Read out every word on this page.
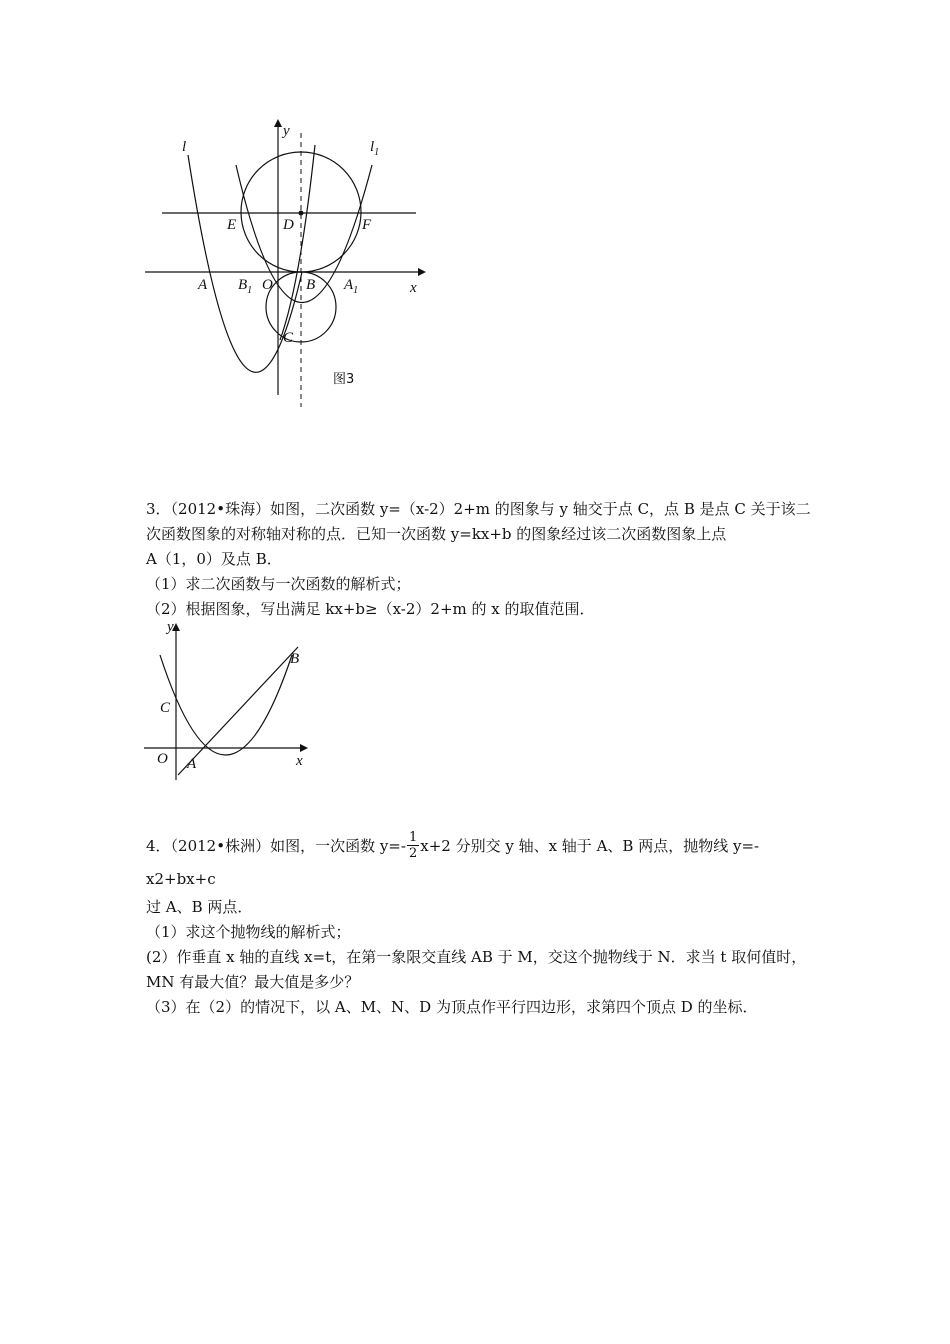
l	$l_1$
y
x
E	D	F
A $B_1$ O B $A_1$
C
图3
3．（2012•珠海）如图，二次函数 y=（x-2）2+m 的图象与 y 轴交于点 C，点 B 是点 C 关于该二
次函数图象的对称轴对称的点．已知一次函数 y=kx+b 的图象经过该二次函数图象上点
A（1，0）及点 B．
（1）求二次函数与一次函数的解析式；
（2）根据图象，写出满足 kx+b≥（x-2）2+m 的 x 的取值范围．
y
B
C
O A	x
4．（2012•株洲）如图，一次函数 $y=- \frac{1}{2} x+2$ 分别交 y 轴、x 轴于 A、B 两点，抛物线 y=-x2+bx+c
过 A、B 两点．
（1）求这个抛物线的解析式；
(2）作垂直 x 轴的直线 x=t，在第一象限交直线 AB 于 M，交这个抛物线于 N．求当 t 取何值时，
MN 有最大值？最大值是多少？
（3）在（2）的情况下，以 A、M、N、D 为顶点作平行四边形，求第四个顶点 D 的坐标．
